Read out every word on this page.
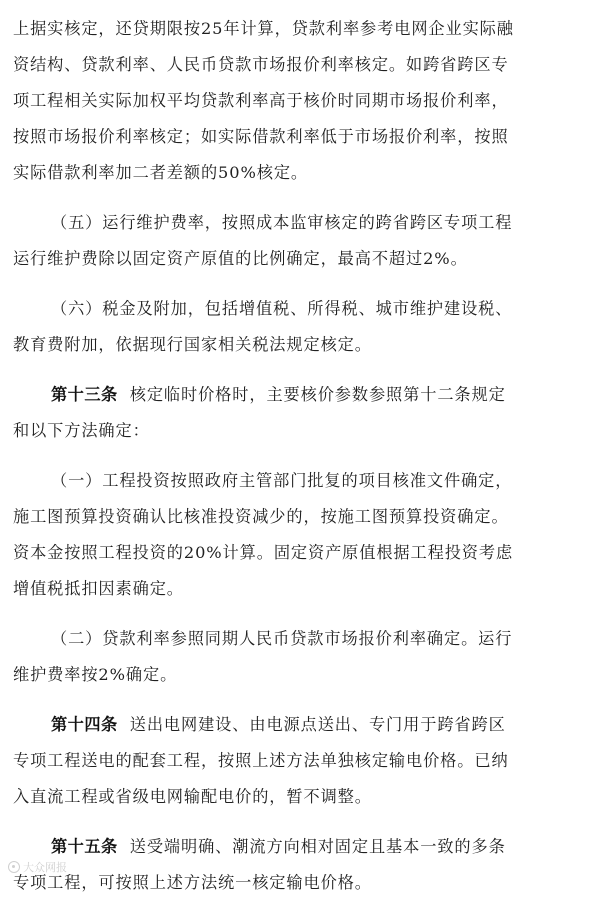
上据实核定，还贷期限按25年计算，贷款利率参考电网企业实际融
资结构、贷款利率、人民币贷款市场报价利率核定。如跨省跨区专
项工程相关实际加权平均贷款利率高于核价时同期市场报价利率，
按照市场报价利率核定；如实际借款利率低于市场报价利率，按照
实际借款利率加二者差额的50%核定。
（五）运行维护费率，按照成本监审核定的跨省跨区专项工程
运行维护费除以固定资产原值的比例确定，最高不超过2%。
（六）税金及附加，包括增值税、所得税、城市维护建设税、
教育费附加，依据现行国家相关税法规定核定。
第十三条 核定临时价格时，主要核价参数参照第十二条规定
和以下方法确定：
（一）工程投资按照政府主管部门批复的项目核准文件确定，
施工图预算投资确认比核准投资减少的，按施工图预算投资确定。
资本金按照工程投资的20%计算。固定资产原值根据工程投资考虑
增值税抵扣因素确定。
（二）贷款利率参照同期人民币贷款市场报价利率确定。运行
维护费率按2%确定。
第十四条 送出电网建设、由电源点送出、专门用于跨省跨区
专项工程送电的配套工程，按照上述方法单独核定输电价格。已纳
入直流工程或省级电网输配电价的，暂不调整。
第十五条 送受端明确、潮流方向相对固定且基本一致的多条
专项工程，可按照上述方法统一核定输电价格。
大众网报
